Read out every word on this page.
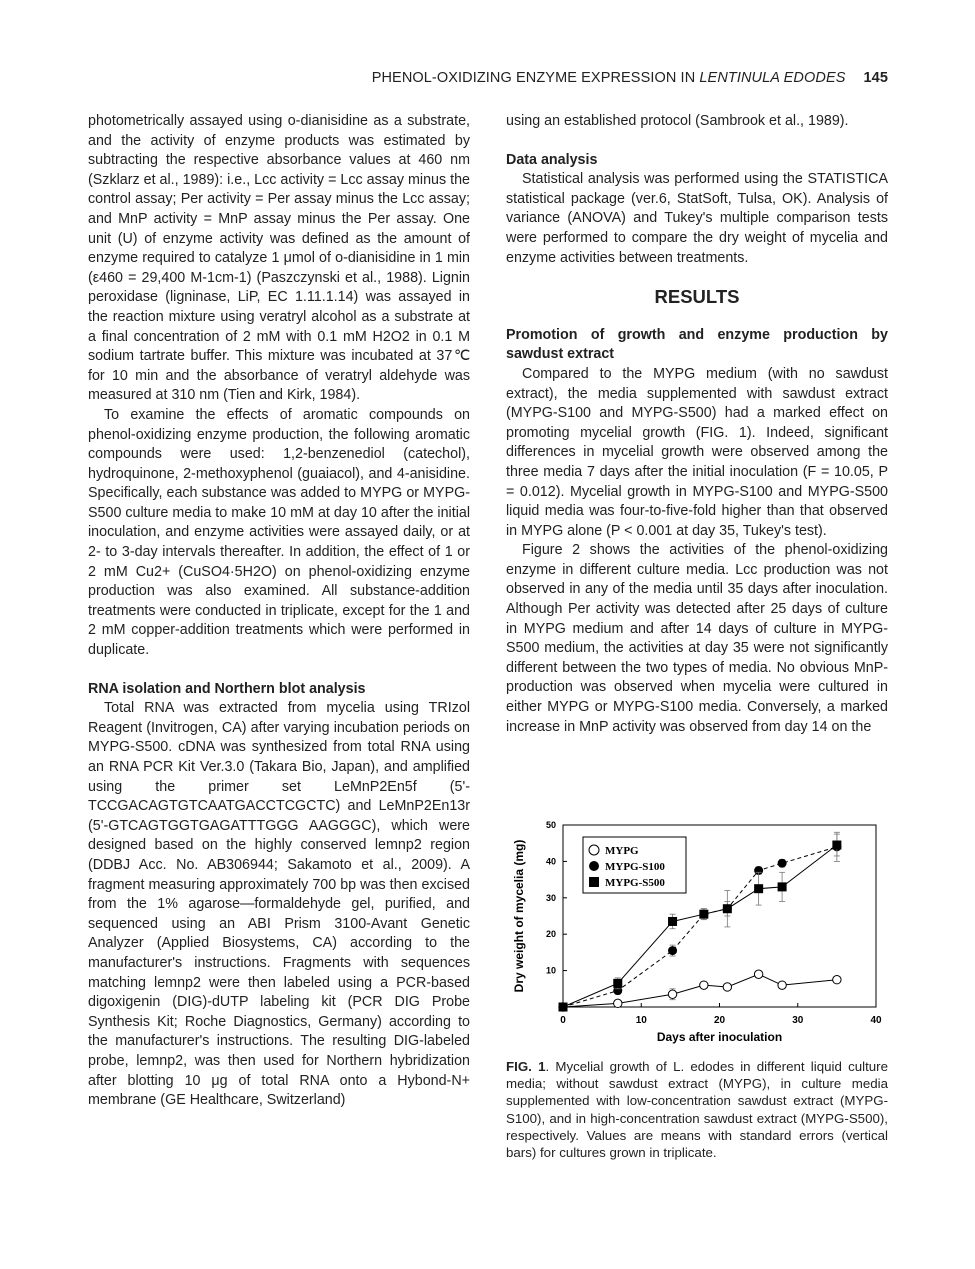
PHENOL-OXIDIZING ENZYME EXPRESSION IN LENTINULA EDODES 145

photometrically assayed using o-dianisidine as a substrate, and the activity of enzyme products was estimated by subtracting the respective absorbance values at 460 nm (Szklarz et al., 1989): i.e., Lcc activity = Lcc assay minus the control assay; Per activity = Per assay minus the Lcc assay; and MnP activity = MnP assay minus the Per assay. One unit (U) of enzyme activity was defined as the amount of enzyme required to catalyze 1 μmol of o-dianisidine in 1 min (ε460 = 29,400 M-1cm-1) (Paszczynski et al., 1988). Lignin peroxidase (ligninase, LiP, EC 1.11.1.14) was assayed in the reaction mixture using veratryl alcohol as a substrate at a final concentration of 2 mM with 0.1 mM H2O2 in 0.1 M sodium tartrate buffer. This mixture was incubated at 37℃ for 10 min and the absorbance of veratryl aldehyde was measured at 310 nm (Tien and Kirk, 1984).

To examine the effects of aromatic compounds on phenol-oxidizing enzyme production, the following aromatic compounds were used: 1,2-benzenediol (catechol), hydroquinone, 2-methoxyphenol (guaiacol), and 4-anisidine. Specifically, each substance was added to MYPG or MYPG-S500 culture media to make 10 mM at day 10 after the initial inoculation, and enzyme activities were assayed daily, or at 2- to 3-day intervals thereafter. In addition, the effect of 1 or 2 mM Cu2+ (CuSO4·5H2O) on phenol-oxidizing enzyme production was also examined. All substance-addition treatments were conducted in triplicate, except for the 1 and 2 mM copper-addition treatments which were performed in duplicate.

RNA isolation and Northern blot analysis

Total RNA was extracted from mycelia using TRIzol Reagent (Invitrogen, CA) after varying incubation periods on MYPG-S500. cDNA was synthesized from total RNA using an RNA PCR Kit Ver.3.0 (Takara Bio, Japan), and amplified using the primer set LeMnP2En5f (5'-TCCGACAGTGTCAATGACCTCGCTC) and LeMnP2En13r (5'-GTCAGTGGTGAGATTTGGG AAGGGC), which were designed based on the highly conserved lemnp2 region (DDBJ Acc. No. AB306944; Sakamoto et al., 2009). A fragment measuring approximately 700 bp was then excised from the 1% agarose—formaldehyde gel, purified, and sequenced using an ABI Prism 3100-Avant Genetic Analyzer (Applied Biosystems, CA) according to the manufacturer's instructions. Fragments with sequences matching lemnp2 were then labeled using a PCR-based digoxigenin (DIG)-dUTP labeling kit (PCR DIG Probe Synthesis Kit; Roche Diagnostics, Germany) according to the manufacturer's instructions. The resulting DIG-labeled probe, lemnp2, was then used for Northern hybridization after blotting 10 μg of total RNA onto a Hybond-N+ membrane (GE Healthcare, Switzerland)

using an established protocol (Sambrook et al., 1989).

Data analysis

Statistical analysis was performed using the STATISTICA statistical package (ver.6, StatSoft, Tulsa, OK). Analysis of variance (ANOVA) and Tukey's multiple comparison tests were performed to compare the dry weight of mycelia and enzyme activities between treatments.

RESULTS

Promotion of growth and enzyme production by sawdust extract

Compared to the MYPG medium (with no sawdust extract), the media supplemented with sawdust extract (MYPG-S100 and MYPG-S500) had a marked effect on promoting mycelial growth (FIG. 1). Indeed, significant differences in mycelial growth were observed among the three media 7 days after the initial inoculation (F = 10.05, P = 0.012). Mycelial growth in MYPG-S100 and MYPG-S500 liquid media was four-to-five-fold higher than that observed in MYPG alone (P < 0.001 at day 35, Tukey's test).

Figure 2 shows the activities of the phenol-oxidizing enzyme in different culture media. Lcc production was not observed in any of the media until 35 days after inoculation. Although Per activity was detected after 25 days of culture in MYPG medium and after 14 days of culture in MYPG-S500 medium, the activities at day 35 were not significantly different between the two types of media. No obvious MnP-production was observed when mycelia were cultured in either MYPG or MYPG-S100 media. Conversely, a marked increase in MnP activity was observed from day 14 on the

0	10	20	30	40
10
20
30
40
50
Days after inoculation
Dry weight of mycelia (mg)	MYPG
MYPG-S100
MYPG-S500
FIG. 1. Mycelial growth of L. edodes in different liquid culture media; without sawdust extract (MYPG), in culture media supplemented with low-concentration sawdust extract (MYPG-S100), and in high-concentration sawdust extract (MYPG-S500), respectively. Values are means with standard errors (vertical bars) for cultures grown in triplicate.
